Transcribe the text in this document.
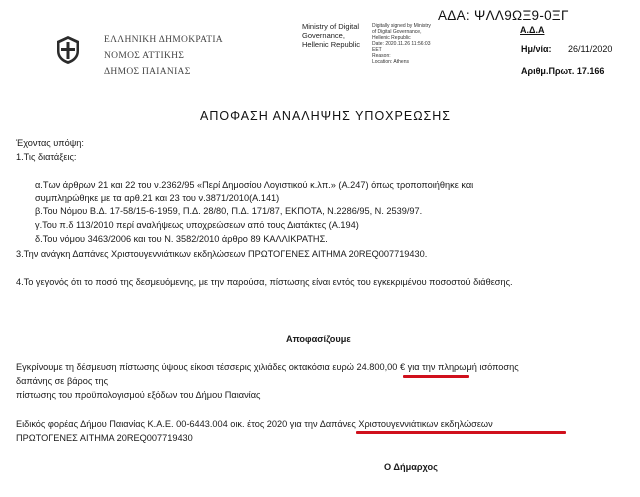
ΕΛΛΗΝΙΚΗ ΔΗΜΟΚΡΑΤΙΑ
ΝΟΜΟΣ ΑΤΤΙΚΗΣ
ΔΗΜΟΣ ΠΑΙΑΝΙΑΣ
Ministry of Digital
Governance,
Hellenic Republic
Digitally signed by Ministry
of Digital Governance,
Hellenic Republic
Date: 2020.11.26 11:56:03
EET
Reason:
Location: Athens
ΑΔΑ: ΨΛΛ9ΩΞ9-0ΞΓ
Α.Δ.Α
Ημ/νία: 26/11/2020
Αριθμ.Πρωτ. 17.166
ΑΠΟΦΑΣΗ ΑΝΑΛΗΨΗΣ ΥΠΟΧΡΕΩΣΗΣ
Έχοντας υπόψη:
1.Τις διατάξεις:
α.Των άρθρων 21 και 22 του ν.2362/95 «Περί Δημοσίου Λογιστικού κ.λπ.» (Α.247) όπως τροποποιήθηκε και
συμπληρώθηκε με τα αρθ.21 και 23 του ν.3871/2010(Α.141)
β.Του Νόμου Β.Δ. 17-58/15-6-1959, Π.Δ. 28/80, Π.Δ. 171/87, ΕΚΠΟΤΑ, Ν.2286/95, Ν. 2539/97.
γ.Του π.δ 113/2010 περί αναλήψεως υποχρεώσεων από τους Διατάκτες (Α.194)
δ.Του νόμου 3463/2006 και του Ν. 3582/2010 άρθρο 89 ΚΑΛΛΙΚΡΑΤΗΣ.
3.Την ανάγκη Δαπάνες Χριστουγεννιάτικων εκδηλώσεων ΠΡΩΤΟΓΕΝΕΣ ΑΙΤΗΜΑ 20REQ007719430.
4.Το γεγονός ότι το ποσό της δεσμευόμενης, με την παρούσα, πίστωσης είναι εντός του εγκεκριμένου ποσοστού διάθεσης.
Αποφασίζουμε
Εγκρίνουμε τη δέσμευση πίστωσης ύψους είκοσι τέσσερις χιλιάδες οκτακόσια ευρώ 24.800,00 € για την πληρωμή ισόποσης
δαπάνης σε βάρος της
πίστωσης του προϋπολογισμού εξόδων του Δήμου Παιανίας
Ειδικός φορέας Δήμου Παιανίας Κ.Α.Ε. 00-6443.004 οικ. έτος 2020 για την Δαπάνες Χριστουγεννιάτικων εκδηλώσεων
ΠΡΩΤΟΓΕΝΕΣ ΑΙΤΗΜΑ 20REQ007719430
Ο Δήμαρχος
